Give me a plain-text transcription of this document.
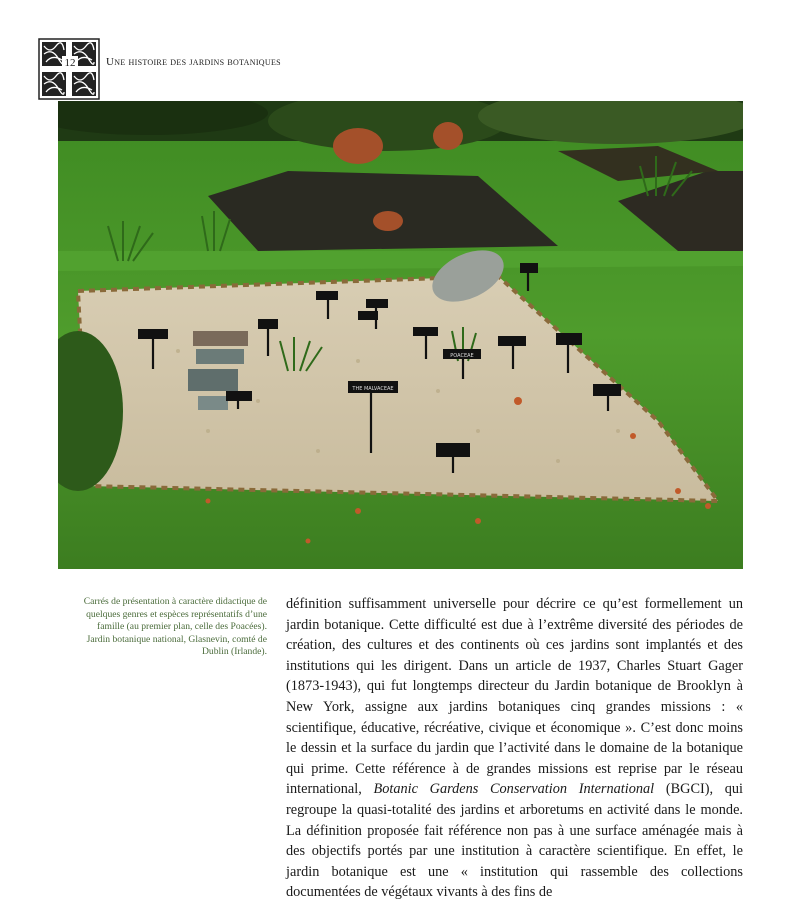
12	Une histoire des jardins botaniques
POACEAE
THE MALVACEAE

Carrés de présentation à caractère didactique de quelques genres et espèces représentatifs d’une famille (au premier plan, celle des Poacées).

Jardin botanique national, Glasnevin, comté de Dublin (Irlande).

définition suffisamment universelle pour décrire ce qu’est formellement un jardin botanique. Cette difficulté est due à l’extrême diversité des périodes de création, des cultures et des continents où ces jardins sont implantés et des institutions qui les dirigent. Dans un article de 1937, Charles Stuart Gager (1873-1943), qui fut longtemps directeur du Jardin botanique de Brooklyn à New York, assigne aux jardins botaniques cinq grandes missions : « scientifique, éducative, récréative, civique et économique ». C’est donc moins le dessin et la surface du jardin que l’activité dans le domaine de la botanique qui prime. Cette référence à de grandes missions est reprise par le réseau international, Botanic Gardens Conservation International (BGCI), qui regroupe la quasi-totalité des jardins et arboretums en activité dans le monde. La définition proposée fait référence non pas à une surface aménagée mais à des objectifs portés par une institution à caractère scientifique. En effet, le jardin botanique est une « institution qui rassemble des collections documentées de végétaux vivants à des fins de
